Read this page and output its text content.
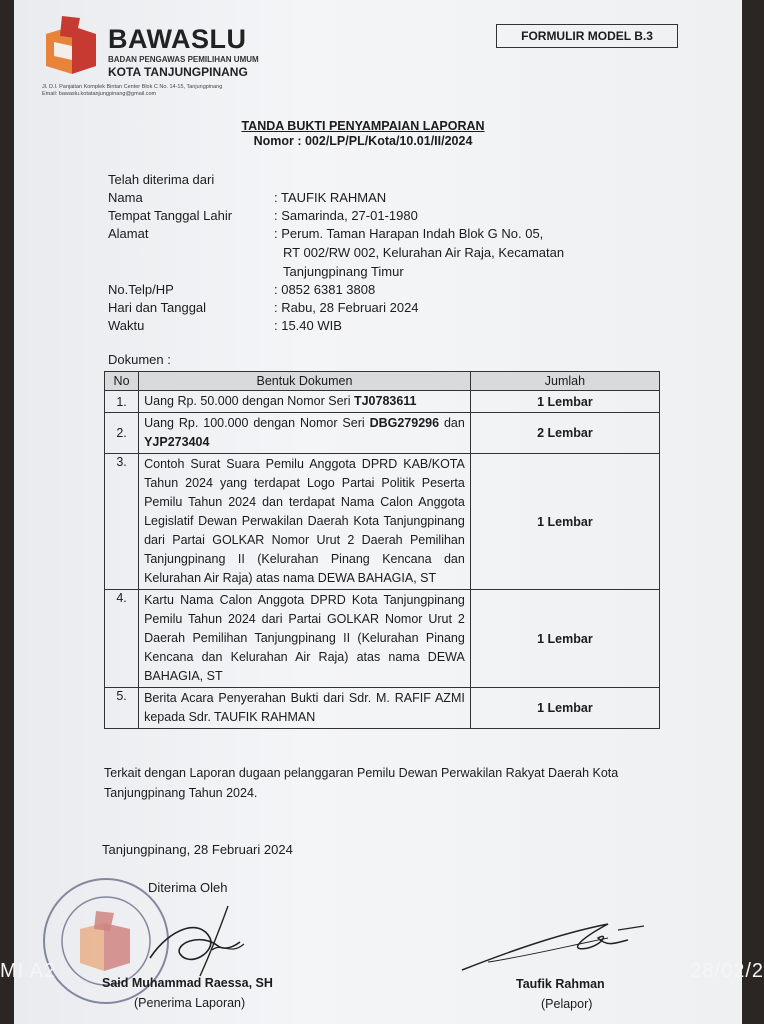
BAWASLU
BADAN PENGAWAS PEMILIHAN UMUM
KOTA TANJUNGPINANG
Jl. D.I. Panjaitan Komplek Bintan Center Blok C No. 14-15, Tanjungpinang
Email: bawaslu.kotatanjungpinang@gmail.com
FORMULIR MODEL B.3
TANDA BUKTI PENYAMPAIAN LAPORAN
Nomor : 002/LP/PL/Kota/10.01/II/2024
Telah diterima dari
Nama	: TAUFIK RAHMAN
Tempat Tanggal Lahir	: Samarinda, 27-01-1980
Alamat	: Perum. Taman Harapan Indah Blok G No. 05,
RT 002/RW 002, Kelurahan Air Raja, Kecamatan
Tanjungpinang Timur
No.Telp/HP	: 0852 6381 3808
Hari dan Tanggal	: Rabu, 28 Februari 2024
Waktu	: 15.40 WIB
Dokumen :
No	Bentuk Dokumen	Jumlah
1.	Uang Rp. 50.000 dengan Nomor Seri TJ0783611	1 Lembar
2.	Uang Rp. 100.000 dengan Nomor Seri DBG279296 dan YJP273404	2 Lembar
3.	Contoh Surat Suara Pemilu Anggota DPRD KAB/KOTA Tahun 2024 yang terdapat Logo Partai Politik Peserta Pemilu Tahun 2024 dan terdapat Nama Calon Anggota Legislatif Dewan Perwakilan Daerah Kota Tanjungpinang dari Partai GOLKAR Nomor Urut 2 Daerah Pemilihan Tanjungpinang II (Kelurahan Pinang Kencana dan Kelurahan Air Raja) atas nama DEWA BAHAGIA, ST	1 Lembar
4.	Kartu Nama Calon Anggota DPRD Kota Tanjungpinang Pemilu Tahun 2024 dari Partai GOLKAR Nomor Urut 2 Daerah Pemilihan Tanjungpinang II (Kelurahan Pinang Kencana dan Kelurahan Air Raja) atas nama DEWA BAHAGIA, ST	1 Lembar
5.	Berita Acara Penyerahan Bukti dari Sdr. M. RAFIF AZMI kepada Sdr. TAUFIK RAHMAN	1 Lembar
Terkait dengan Laporan dugaan pelanggaran Pemilu Dewan Perwakilan Rakyat Daerah Kota Tanjungpinang Tahun 2024.
Tanjungpinang, 28 Februari 2024
Diterima Oleh
Said Muhammad Raessa, SH
(Penerima Laporan)
Taufik Rahman
(Pelapor)
MI A2	28/02/2
